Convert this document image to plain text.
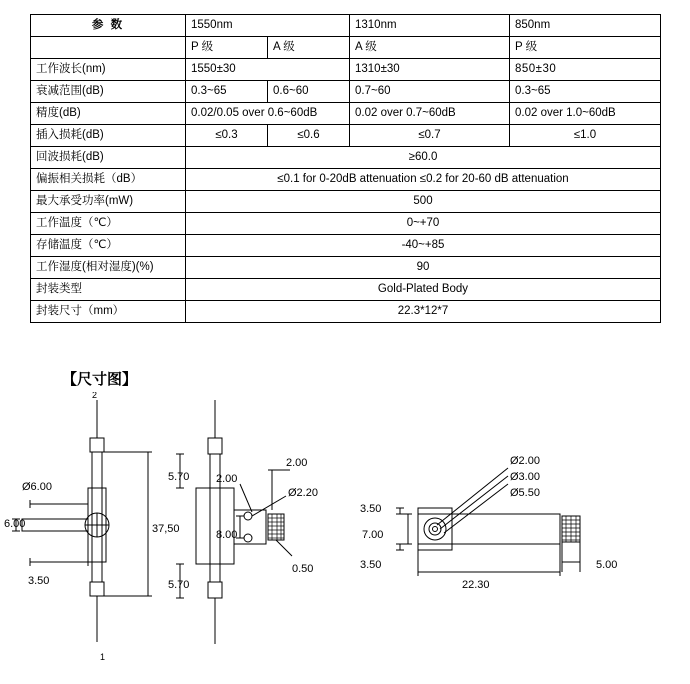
参 数	1550nm		1310nm	850nm
	P 级	A 级	A 级	P 级
工作波长(nm)	1550±30		1310±30	850±30
衰减范围(dB)	0.3~65	0.6~60	0.7~60	0.3~65
精度(dB)	0.02/0.05 over 0.6~60dB		0.02 over 0.7~60dB	0.02 over 1.0~60dB
插入损耗(dB)	≤0.3	≤0.6	≤0.7	≤1.0
回波损耗(dB)	≥60.0			
偏振相关损耗（dB）	≤0.1 for 0-20dB attenuation ≤0.2 for 20-60 dB attenuation			
最大承受功率(mW)	500			
工作温度（℃）	0~+70			
存储温度（℃）	-40~+85			
工作湿度(相对湿度)(%)	90			
封装类型	Gold-Plated Body			
封装尺寸（mm）	22.3*12*7			
【尺寸图】
Ø6.00
6.00
3.50
37,50
2
1
5.70
5.70
2.00
2.00
Ø2.20
8.00
0.50
Ø2.00
Ø3.00
Ø5.50
3.50
7.00
3.50
22.30
5.00
